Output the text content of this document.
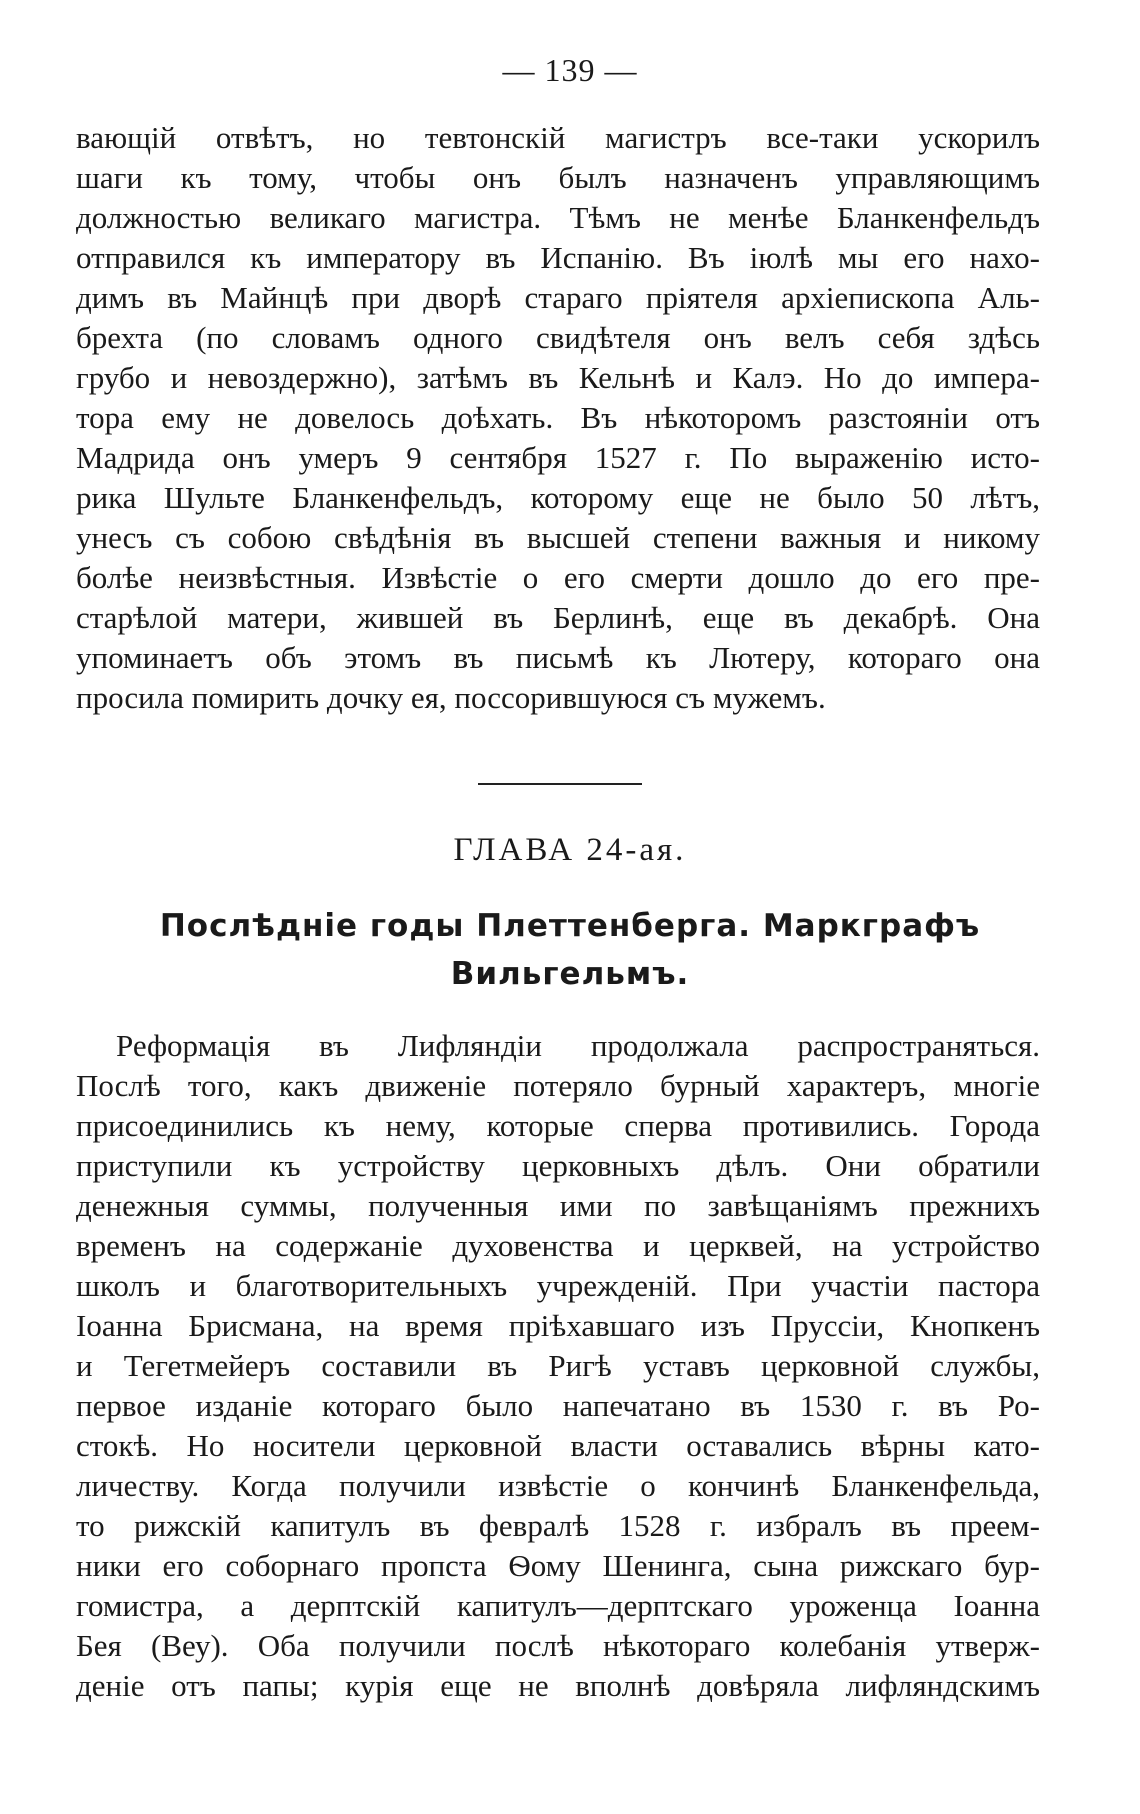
— 139 —
вающій отвѣтъ, но тевтонскій магистръ все-таки ускорилъ
шаги къ тому, чтобы онъ былъ назначенъ управляющимъ
должностью великаго магистра. Тѣмъ не менѣе Бланкенфельдъ
отправился къ императору въ Испанію. Въ іюлѣ мы его нахо-
димъ въ Майнцѣ при дворѣ стараго пріятеля архіепископа Аль-
брехта (по словамъ одного свидѣтеля онъ велъ себя здѣсь
грубо и невоздержно), затѣмъ въ Кельнѣ и Калэ. Но до импера-
тора ему не довелось доѣхать. Въ нѣкоторомъ разстояніи отъ
Мадрида онъ умеръ 9 сентября 1527 г. По выраженію исто-
рика Шульте Бланкенфельдъ, которому еще не было 50 лѣтъ,
унесъ съ собою свѣдѣнія въ высшей степени важныя и никому
болѣе неизвѣстныя. Извѣстіе о его смерти дошло до его пре-
старѣлой матери, жившей въ Берлинѣ, еще въ декабрѣ. Она
упоминаетъ объ этомъ въ письмѣ къ Лютеру, котораго она
просила помирить дочку ея, поссорившуюся съ мужемъ.
ГЛАВА 24-ая.
Послѣдніе годы Плеттенберга. Маркграфъ
Вильгельмъ.
Реформація въ Лифляндіи продолжала распространяться.
Послѣ того, какъ движеніе потеряло бурный характеръ, многіе
присоединились къ нему, которые сперва противились. Города
приступили къ устройству церковныхъ дѣлъ. Они обратили
денежныя суммы, полученныя ими по завѣщаніямъ прежнихъ
временъ на содержаніе духовенства и церквей, на устройство
школъ и благотворительныхъ учрежденій. При участіи пастора
Іоанна Брисмана, на время пріѣхавшаго изъ Пруссіи, Кнопкенъ
и Тегетмейеръ составили въ Ригѣ уставъ церковной службы,
первое изданіе котораго было напечатано въ 1530 г. въ Ро-
стокѣ. Но носители церковной власти оставались вѣрны като-
личеству. Когда получили извѣстіе о кончинѣ Бланкенфельда,
то рижскій капитулъ въ февралѣ 1528 г. избралъ въ преем-
ники его соборнаго пропста Ѳому Шенинга, сына рижскаго бур-
гомистра, а дерптскій капитулъ—дерптскаго уроженца Іоанна
Бея (Веу). Оба получили послѣ нѣкотораго колебанія утверж-
деніе отъ папы; курія еще не вполнѣ довѣряла лифляндскимъ
